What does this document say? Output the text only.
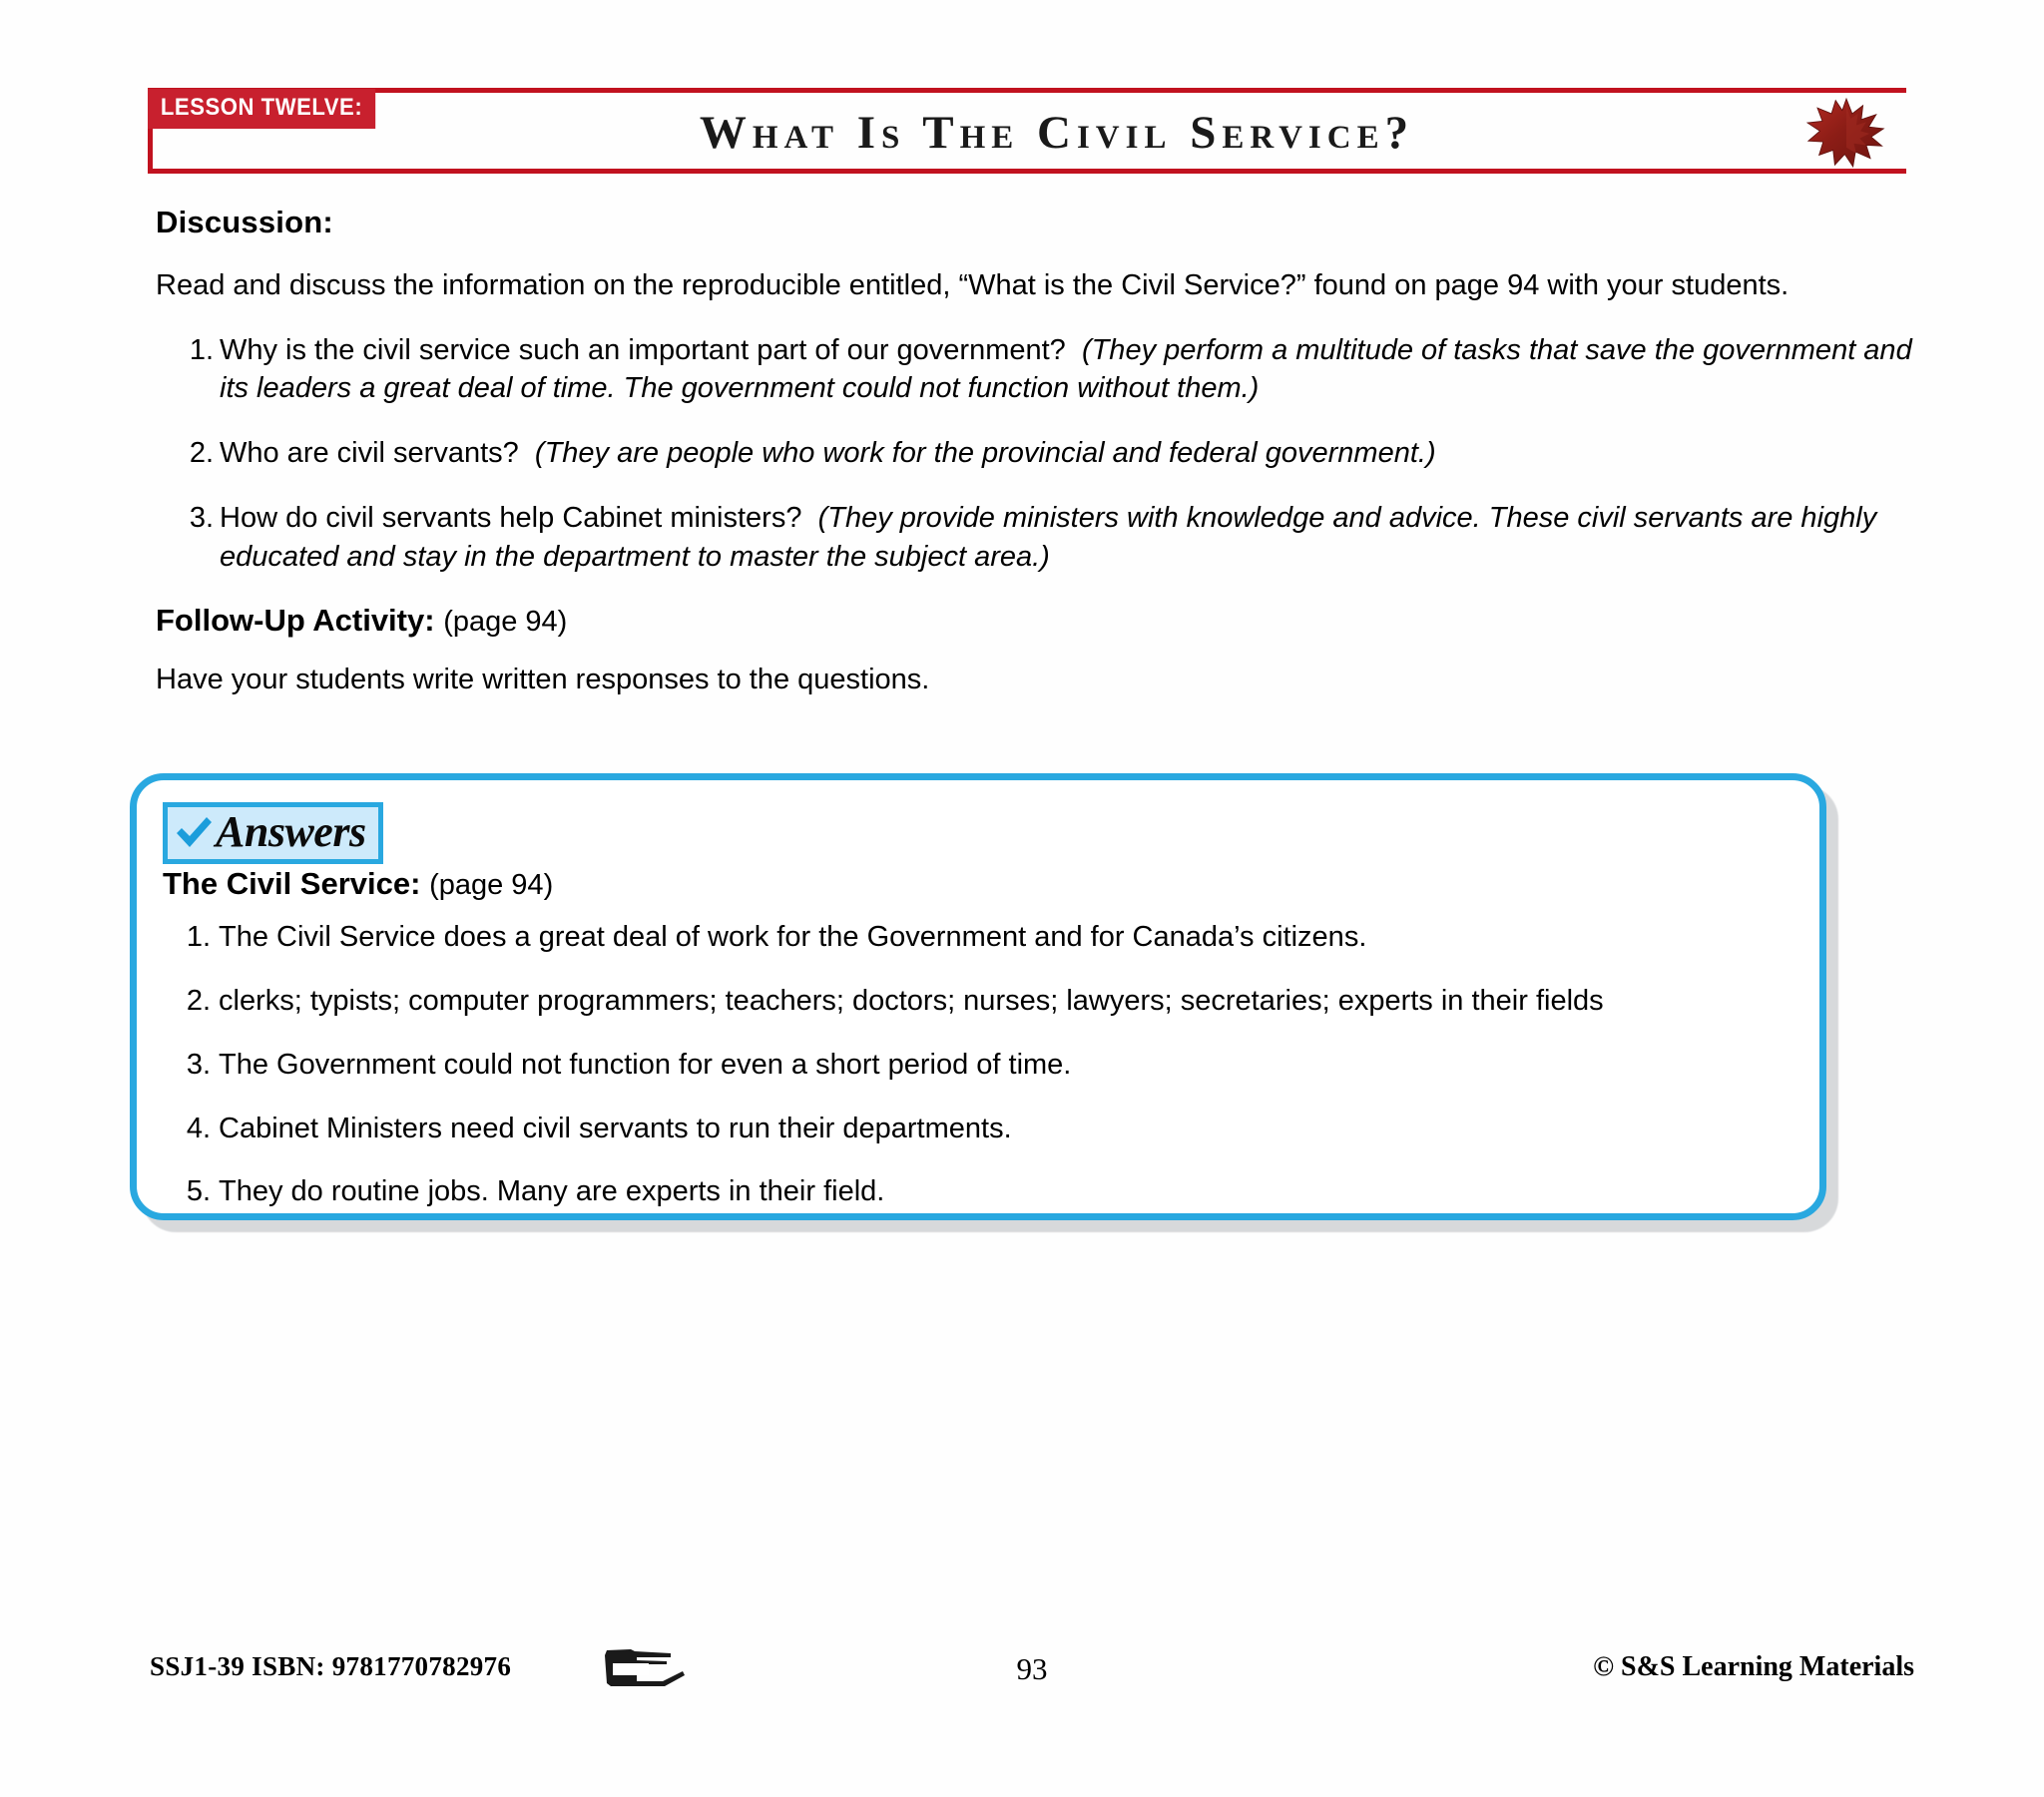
LESSON TWELVE:	What Is The Civil Service?
Discussion:
Read and discuss the information on the reproducible entitled, “What is the Civil Service?” found on page 94 with your students.
1. Why is the civil service such an important part of our government? (They perform a multitude of tasks that save the government and its leaders a great deal of time. The government could not function without them.)
2. Who are civil servants? (They are people who work for the provincial and federal government.)
3. How do civil servants help Cabinet ministers? (They provide ministers with knowledge and advice. These civil servants are highly educated and stay in the department to master the subject area.)
Follow-Up Activity: (page 94)
Have your students write written responses to the questions.
Answers
The Civil Service: (page 94)
1. The Civil Service does a great deal of work for the Government and for Canada’s citizens.
2. clerks; typists; computer programmers; teachers; doctors; nurses; lawyers; secretaries; experts in their fields
3. The Government could not function for even a short period of time.
4. Cabinet Ministers need civil servants to run their departments.
5. They do routine jobs. Many are experts in their field.
SSJ1-39 ISBN: 9781770782976	93	© S&S Learning Materials
